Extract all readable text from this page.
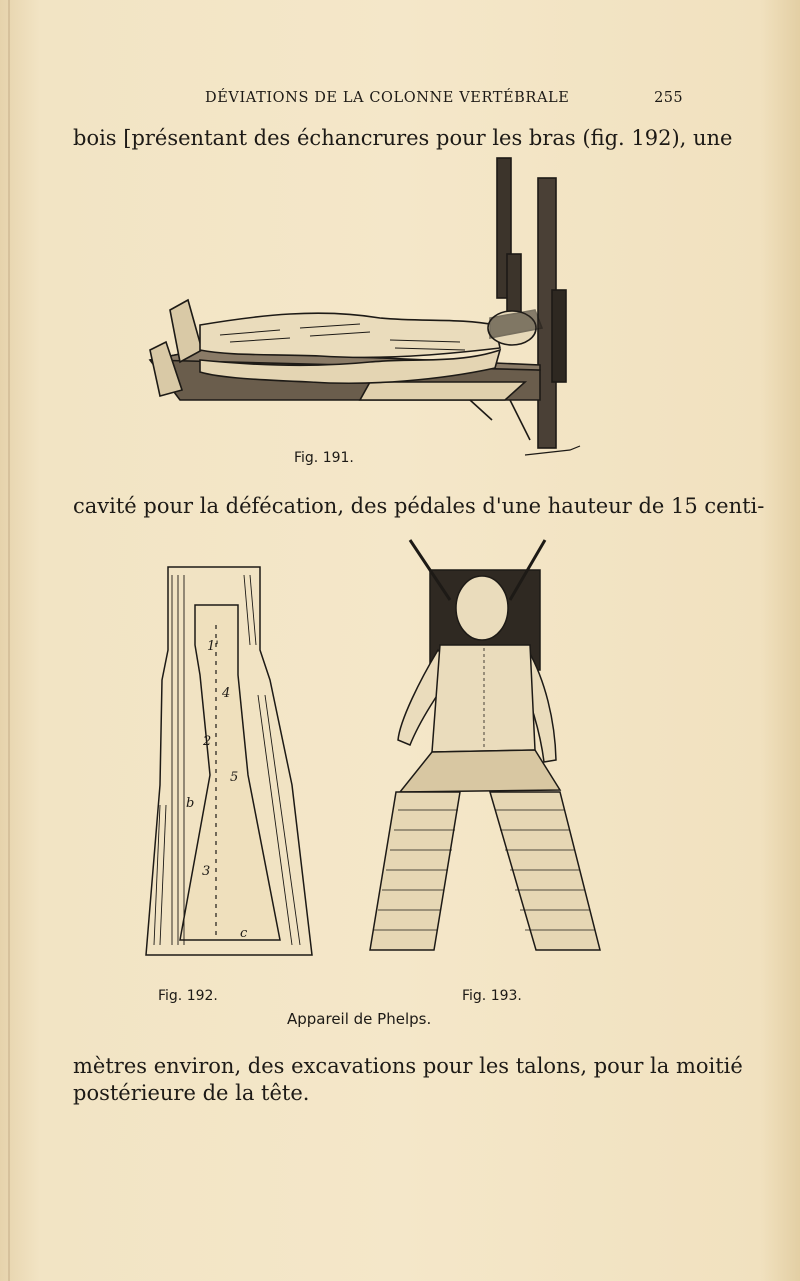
DÉVIATIONS DE LA COLONNE VERTÉBRALE	255
bois [présentant des échancrures pour les bras (fig. 192), une
Fig. 191.
cavité pour la défécation, des pédales d'une hauteur de 15 centi-
1'
2
3
4
5
b
c
Fig. 192.	Fig. 193.
Appareil de Phelps.
mètres environ, des excavations pour les talons, pour la moitié
postérieure de la tête.
